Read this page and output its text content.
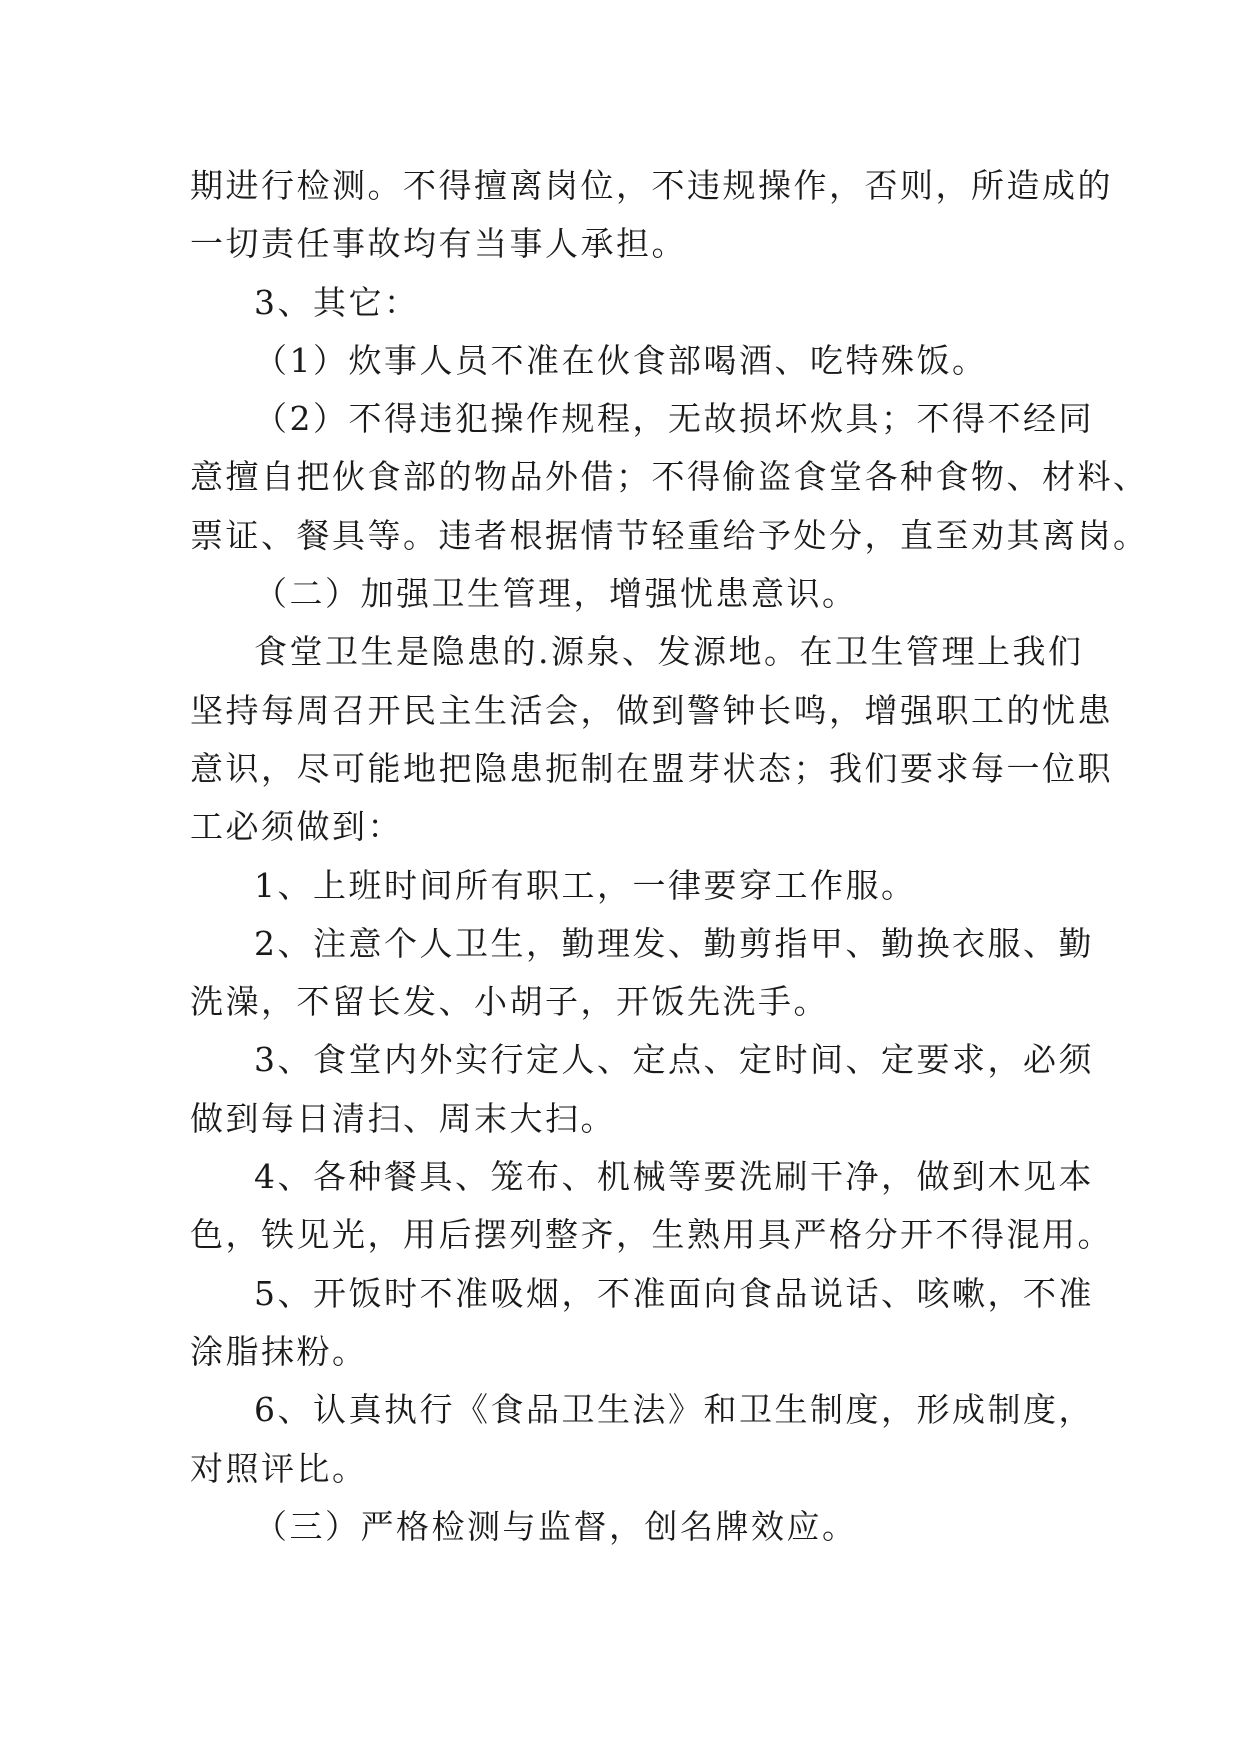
期进行检测。不得擅离岗位，不违规操作，否则，所造成的
一切责任事故均有当事人承担。
3、其它：
（1）炊事人员不准在伙食部喝酒、吃特殊饭。
（2）不得违犯操作规程，无故损坏炊具；不得不经同
意擅自把伙食部的物品外借；不得偷盗食堂各种食物、材料、
票证、餐具等。违者根据情节轻重给予处分，直至劝其离岗。
（二）加强卫生管理，增强忧患意识。
食堂卫生是隐患的.源泉、发源地。在卫生管理上我们
坚持每周召开民主生活会，做到警钟长鸣，增强职工的忧患
意识，尽可能地把隐患扼制在盟芽状态；我们要求每一位职
工必须做到：
1、上班时间所有职工，一律要穿工作服。
2、注意个人卫生，勤理发、勤剪指甲、勤换衣服、勤
洗澡，不留长发、小胡子，开饭先洗手。
3、食堂内外实行定人、定点、定时间、定要求，必须
做到每日清扫、周末大扫。
4、各种餐具、笼布、机械等要洗刷干净，做到木见本
色，铁见光，用后摆列整齐，生熟用具严格分开不得混用。
5、开饭时不准吸烟，不准面向食品说话、咳嗽，不准
涂脂抹粉。
6、认真执行《食品卫生法》和卫生制度，形成制度，
对照评比。
（三）严格检测与监督，创名牌效应。
